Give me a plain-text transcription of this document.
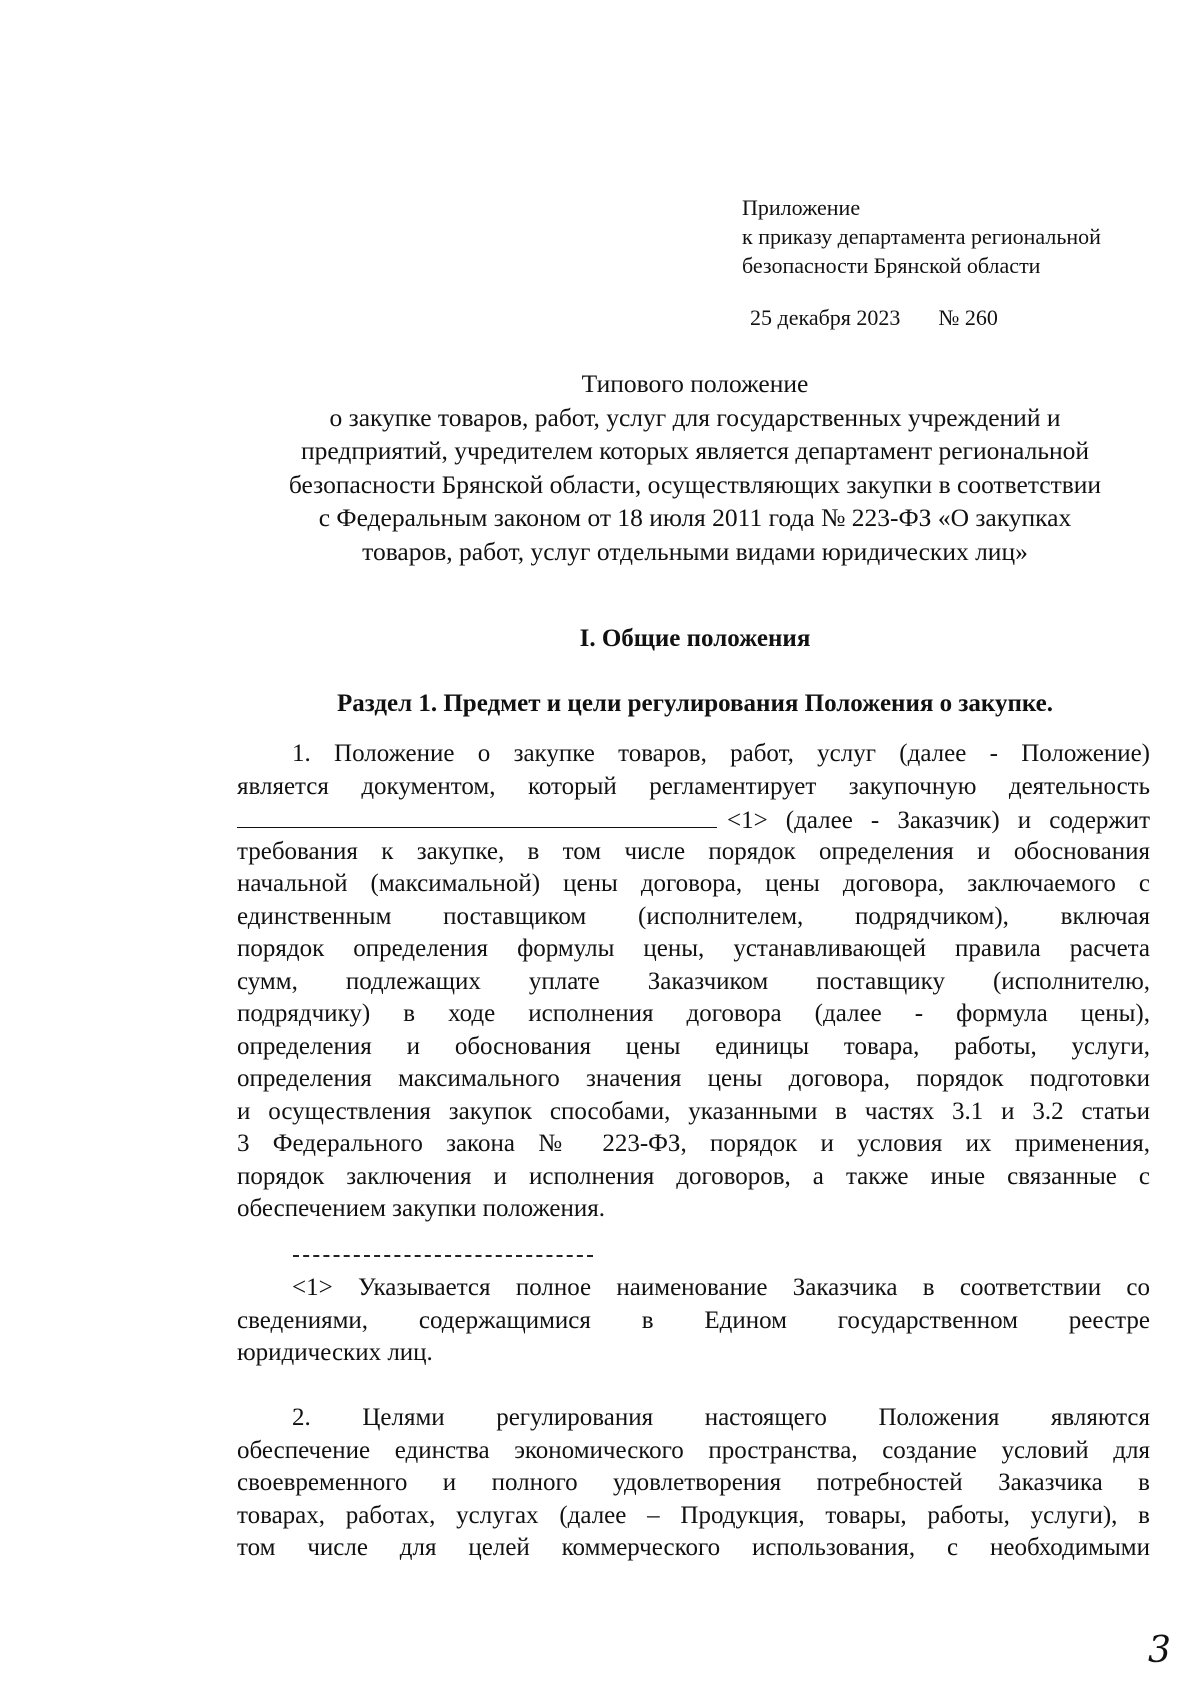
Приложение
к приказу департамента региональной
безопасности Брянской области
25 декабря 2023 № 260
Типового положение
о закупке товаров, работ, услуг для государственных учреждений и
предприятий, учредителем которых является департамент региональной
безопасности Брянской области, осуществляющих закупки в соответствии
с Федеральным законом от 18 июля 2011 года № 223-ФЗ «О закупках
товаров, работ, услуг отдельными видами юридических лиц»
I. Общие положения
Раздел 1. Предмет и цели регулирования Положения о закупке.
1. Положение о закупке товаров, работ, услуг (далее - Положение)
является документом, который регламентирует закупочную деятельность
<1> (далее - Заказчик) и содержит
требования к закупке, в том числе порядок определения и обоснования
начальной (максимальной) цены договора, цены договора, заключаемого с
единственным поставщиком (исполнителем, подрядчиком), включая
порядок определения формулы цены, устанавливающей правила расчета
сумм, подлежащих уплате Заказчиком поставщику (исполнителю,
подрядчику) в ходе исполнения договора (далее - формула цены),
определения и обоснования цены единицы товара, работы, услуги,
определения максимального значения цены договора, порядок подготовки
и осуществления закупок способами, указанными в частях 3.1 и 3.2 статьи
3 Федерального закона № 223-ФЗ, порядок и условия их применения,
порядок заключения и исполнения договоров, а также иные связанные с
обеспечением закупки положения.
<1> Указывается полное наименование Заказчика в соответствии со
сведениями, содержащимися в Едином государственном реестре
юридических лиц.
2. Целями регулирования настоящего Положения являются
обеспечение единства экономического пространства, создание условий для
своевременного и полного удовлетворения потребностей Заказчика в
товарах, работах, услугах (далее – Продукция, товары, работы, услуги), в
том числе для целей коммерческого использования, с необходимыми
3
